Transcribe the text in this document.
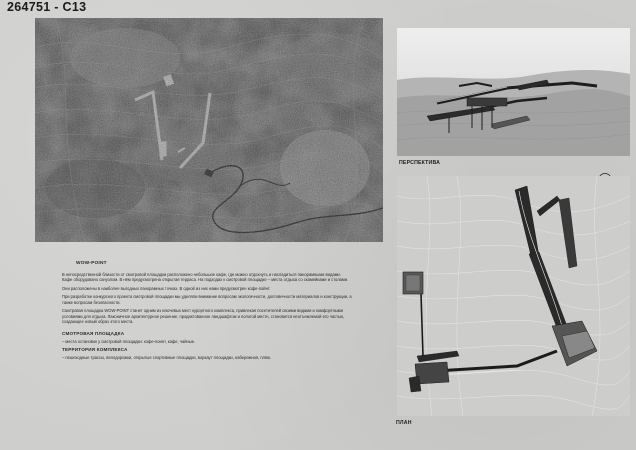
264751 - C13
ПЕРСПЕКТИВА
ПЛАН
WOW-POINT

В непосредственной близости от смотровой площадки расположено небольшое кафе, где можно отдохнуть и насладиться панорамными видами. Кафе оборудовано санузлом. В нём предусмотрена открытая терраса. На подходах к смотровой площадке – места отдыха со скамейками и столами.

Они расположены в наиболее выгодных панорамных точках. В одной из них нами предусмотрен кофе-пойнт.

При разработке конкурсного проекта смотровой площадки мы уделяли внимание вопросам экологичности, долговечности материалов и конструкции, а также вопросам безопасности.

Смотровая площадка WOW-POINT станет одним из ключевых мест курортного комплекса, привлекая посетителей своими видами и комфортными условиями для отдыха. Лаконичное архитектурное решение, продиктованное ландшафтом и пологой местн, становится неотъемлемой его частью, создающее новый образ этого места.

СМОТРОВАЯ ПЛОЩАДКА

– места остановок у смотровой площадки: кофе-поинт, кафе, чайные.

ТЕРРИТОРИЯ КОМПЛЕКСА

– пешеходные трассы, велодорожки, открытые спортивные площадки, воркаут площадки, набережная, пляж.
